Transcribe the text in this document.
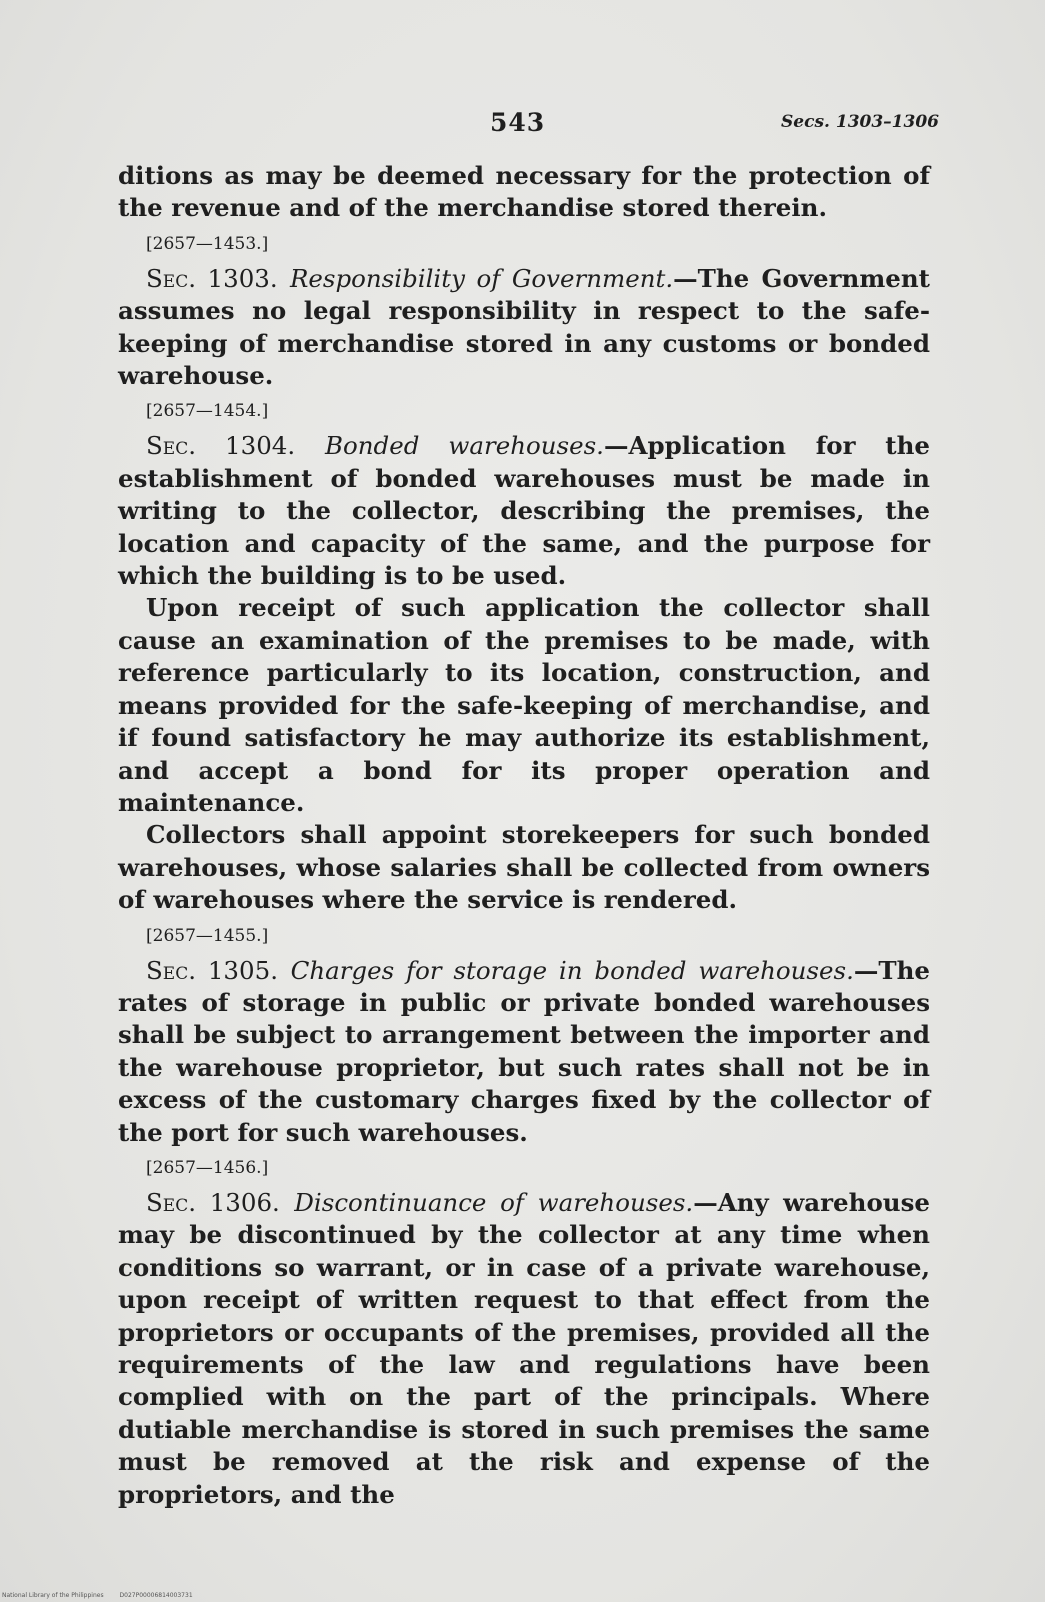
543	Secs. 1303–1306

ditions as may be deemed necessary for the protection of the revenue and of the merchandise stored therein.

[2657—1453.]

Sec. 1303. Responsibility of Government.—The Government assumes no legal responsibility in respect to the safe-keeping of merchandise stored in any customs or bonded warehouse.

[2657—1454.]

Sec. 1304. Bonded warehouses.—Application for the establishment of bonded warehouses must be made in writing to the collector, describing the premises, the location and capacity of the same, and the purpose for which the building is to be used.

Upon receipt of such application the collector shall cause an examination of the premises to be made, with reference particularly to its location, construction, and means provided for the safe-keeping of merchandise, and if found satisfactory he may authorize its establishment, and accept a bond for its proper operation and maintenance.

Collectors shall appoint storekeepers for such bonded warehouses, whose salaries shall be collected from owners of warehouses where the service is rendered.

[2657—1455.]

Sec. 1305. Charges for storage in bonded warehouses.—The rates of storage in public or private bonded warehouses shall be subject to arrangement between the importer and the warehouse proprietor, but such rates shall not be in excess of the customary charges fixed by the collector of the port for such warehouses.

[2657—1456.]

Sec. 1306. Discontinuance of warehouses.—Any warehouse may be discontinued by the collector at any time when conditions so warrant, or in case of a private warehouse, upon receipt of written request to that effect from the proprietors or occupants of the premises, provided all the requirements of the law and regulations have been complied with on the part of the principals. Where dutiable merchandise is stored in such premises the same must be removed at the risk and expense of the proprietors, and the

National Library of the Philippines	D027P00006814003731
